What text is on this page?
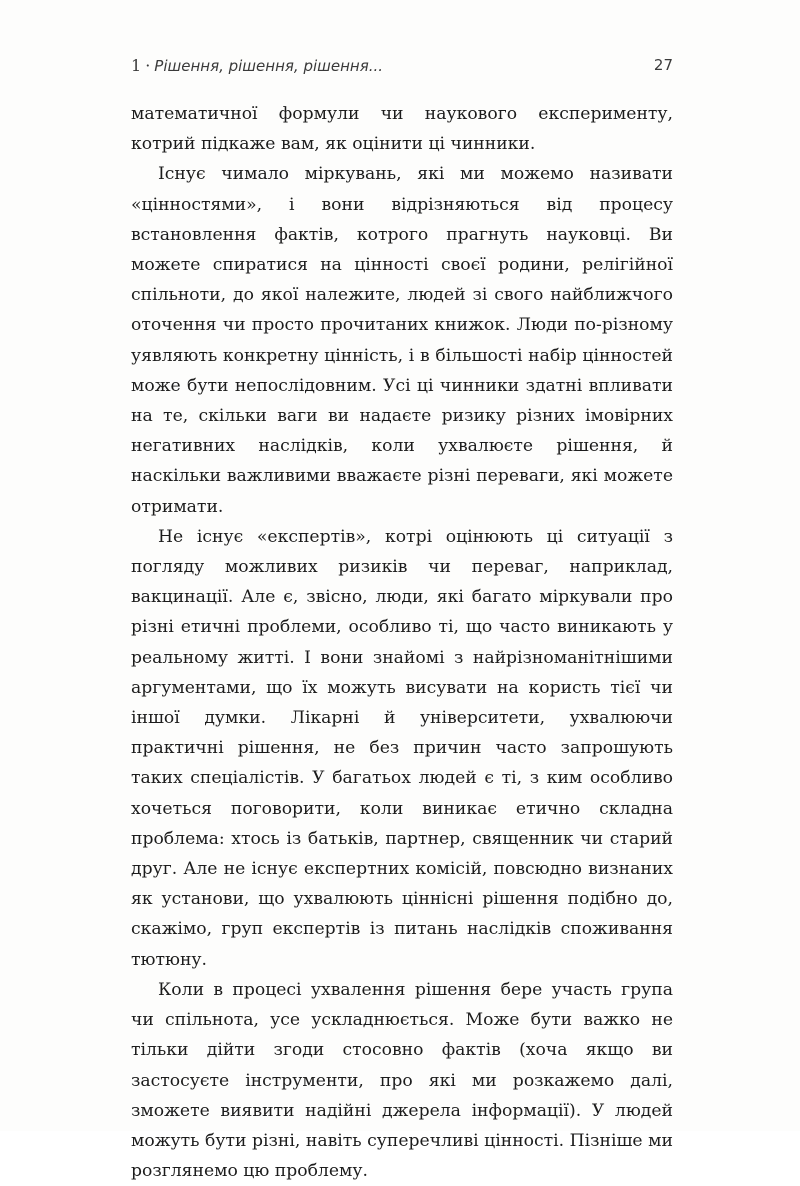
1 · Рішення, рішення, рішення...	27

математичної формули чи наукового експерименту, котрий підкаже вам, як оцінити ці чинники.

Існує чимало міркувань, які ми можемо називати «цінностями», і вони відрізняються від процесу встановлення фактів, котрого прагнуть науковці. Ви можете спиратися на цінності своєї родини, релігійної спільноти, до якої належите, людей зі свого найближчого оточення чи просто прочитаних книжок. Люди по-різному уявляють конкретну цінність, і в більшості набір цінностей може бути непослідовним. Усі ці чинники здатні впливати на те, скільки ваги ви надаєте ризику різних імовірних негативних наслідків, коли ухвалюєте рішення, й наскільки важливими вважаєте різні переваги, які можете отримати.

Не існує «експертів», котрі оцінюють ці ситуації з погляду можливих ризиків чи переваг, наприклад, вакцинації. Але є, звісно, люди, які багато міркували про різні етичні проблеми, особливо ті, що часто виникають у реальному житті. І вони знайомі з найрізноманітнішими аргументами, що їх можуть висувати на користь тієї чи іншої думки. Лікарні й університети, ухвалюючи практичні рішення, не без причин часто запрошують таких спеціалістів. У багатьох людей є ті, з ким особливо хочеться поговорити, коли виникає етично складна проблема: хтось із батьків, партнер, священник чи старий друг. Але не існує експертних комісій, повсюдно визнаних як установи, що ухвалюють ціннісні рішення подібно до, скажімо, груп експертів із питань наслідків споживання тютюну.

Коли в процесі ухвалення рішення бере участь група чи спільнота, усе ускладнюється. Може бути важко не тільки дійти згоди стосовно фактів (хоча якщо ви застосуєте інструменти, про які ми розкажемо далі, зможете виявити надійні джерела інформації). У людей можуть бути різні, навіть суперечливі цінності. Пізніше ми розглянемо цю проблему.
